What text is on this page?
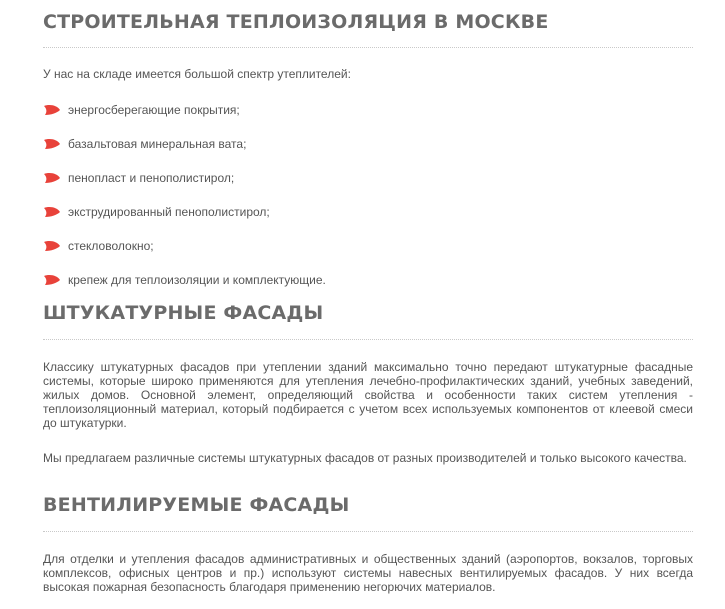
СТРОИТЕЛЬНАЯ ТЕПЛОИЗОЛЯЦИЯ В МОСКВЕ

У нас на складе имеется большой спектр утеплителей:

энергосберегающие покрытия;
базальтовая минеральная вата;
пенопласт и пенополистирол;
экструдированный пенополистирол;
стекловолокно;
крепеж для теплоизоляции и комплектующие.
ШТУКАТУРНЫЕ ФАСАДЫ

Классику штукатурных фасадов при утеплении зданий максимально точно передают штукатурные фасадные системы, которые широко применяются для утепления лечебно-профилактических зданий, учебных заведений, жилых домов. Основной элемент, определяющий свойства и особенности таких систем утепления - теплоизоляционный материал, который подбирается с учетом всех используемых компонентов от клеевой смеси до штукатурки.

Мы предлагаем различные системы штукатурных фасадов от разных производителей и только высокого качества.

ВЕНТИЛИРУЕМЫЕ ФАСАДЫ

Для отделки и утепления фасадов административных и общественных зданий (аэропортов, вокзалов, торговых комплексов, офисных центров и пр.) используют системы навесных вентилируемых фасадов. У них всегда высокая пожарная безопасность благодаря применению негорючих материалов.
